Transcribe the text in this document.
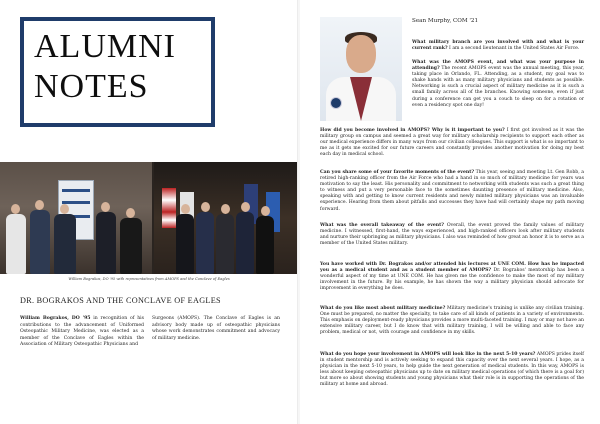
ALUMNI
NOTES
William Bograkos, DO '95 with representatives from AMOPS and the Conclave of Eagles
DR. BOGRAKOS AND THE CONCLAVE OF EAGLES
William Bograkos, DO '95 in recognition of his contributions to the advancement of Uniformed Osteopathic Military Medicine, was elected as a member of the Conclave of Eagles within the Association of Military Osteopathic Physicians and
Surgeons (AMOPS). The Conclave of Eagles is an advisory body made up of osteopathic physicians whose work demonstrates commitment and advocacy of military medicine.
Sean Murphy, COM '21
What military branch are you involved with and what is your current rank? I am a second lieutenant in the United States Air Force.
What was the AMOPS event, and what was your purpose in attending? The recent AMOPS event was the annual meeting, this year, taking place in Orlando, FL. Attending, as a student, my goal was to shake hands with as many military physicians and students as possible. Networking is such a crucial aspect of military medicine as it is such a small family across all of the branches. Knowing someone, even if just during a conference can get you a couch to sleep on for a rotation or even a residency spot one day!
How did you become involved in AMOPS? Why is it important to you? I first got involved as it was the military group on campus and seemed a great way for military scholarship recipients to support each other as our medical experience differs in many ways from our civilian colleagues. This support is what is so important to me as it gets me excited for our future careers and constantly provides another motivation for doing my best each day in medical school.
Can you share some of your favorite moments of the event? This year, seeing and meeting Lt. Gen Robb, a retired high-ranking officer from the Air Force who had a hand in so much of military medicine for years was motivation to say the least. His personality and commitment to networking with students was such a great thing to witness and put a very personable face to the sometimes daunting presence of military medicine. Also, speaking with and getting to know current residents and newly minted military physicians was an invaluable experience. Hearing from them about pitfalls and successes they have had will certainly shape my path moving forward.
What was the overall takeaway of the event? Overall, the event proved the family values of military medicine. I witnessed, first-hand, the ways experienced, and high-ranked officers look after military students and nurture their upbringing as military physicians. I also was reminded of how great an honor it is to serve as a member of the United States military.
You have worked with Dr. Bograkos and/or attended his lectures at UNE COM. How has he impacted you as a medical student and as a student member of AMOPS? Dr. Bograkos' mentorship has been a wonderful aspect of my time at UNE COM. He has given me the confidence to make the most of my military involvement in the future. By his example, he has shown the way a military physician should advocate for improvement in everything he does.
What do you like most about military medicine? Military medicine's training is unlike any civilian training. One must be prepared, no matter the specialty, to take care of all kinds of patients in a variety of environments. This emphasis on deployment-ready physicians provides a more multi-faceted training. I may or may not have an extensive military career, but I do know that with military training, I will be willing and able to face any problem, medical or not, with courage and confidence in my skills.
What do you hope your involvement in AMOPS will look like in the next 5-10 years? AMOPS prides itself in student mentorship and is actively seeking to expand this capacity over the next several years. I hope, as a physician in the next 5-10 years, to help guide the next generation of medical students. In this way, AMOPS is less about keeping osteopathic physicians up to date on military medical operations (of which there is a goal for) but more so about showing students and young physicians what their role is in supporting the operations of the military at home and abroad.
